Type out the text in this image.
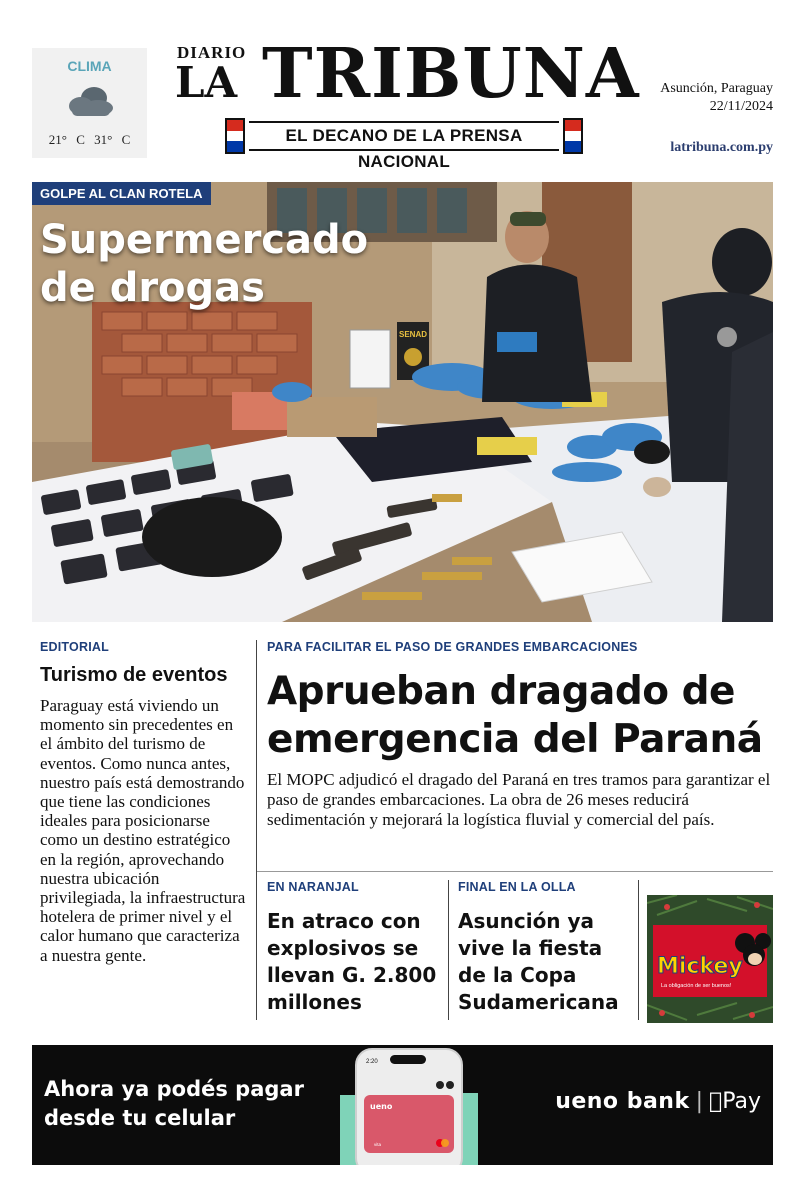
CLIMA
21° C 31° C
DIARIO
LA TRIBUNA
EL DECANO DE LA PRENSA NACIONAL
Asunción, Paraguay
22/11/2024
latribuna.com.py
SENAD
GOLPE AL CLAN ROTELA
Supermercado de drogas
EDITORIAL
Turismo de eventos
Paraguay está viviendo un momento sin precedentes en el ámbito del turismo de eventos. Como nunca antes, nuestro país está demostrando que tiene las condiciones ideales para posicionarse como un destino estratégico en la región, aprovechando nuestra ubicación privilegiada, la infraestructura hotelera de primer nivel y el calor humano que caracteriza a nuestra gente.
PARA FACILITAR EL PASO DE GRANDES EMBARCACIONES
Aprueban dragado de emergencia del Paraná
El MOPC adjudicó el dragado del Paraná en tres tramos para garantizar el paso de grandes embarcaciones. La obra de 26 meses reducirá sedimentación y mejorará la logística fluvial y comercial del país.
EN NARANJAL
En atraco con explosivos se llevan G. 2.800 millones
FINAL EN LA OLLA
Asunción ya vive la fiesta de la Copa Sudamericana
Mickey
La obligación de ser buenos!
Ahora ya podés pagar desde tu celular
2:20
ueno
vita
ueno bank | Pay
